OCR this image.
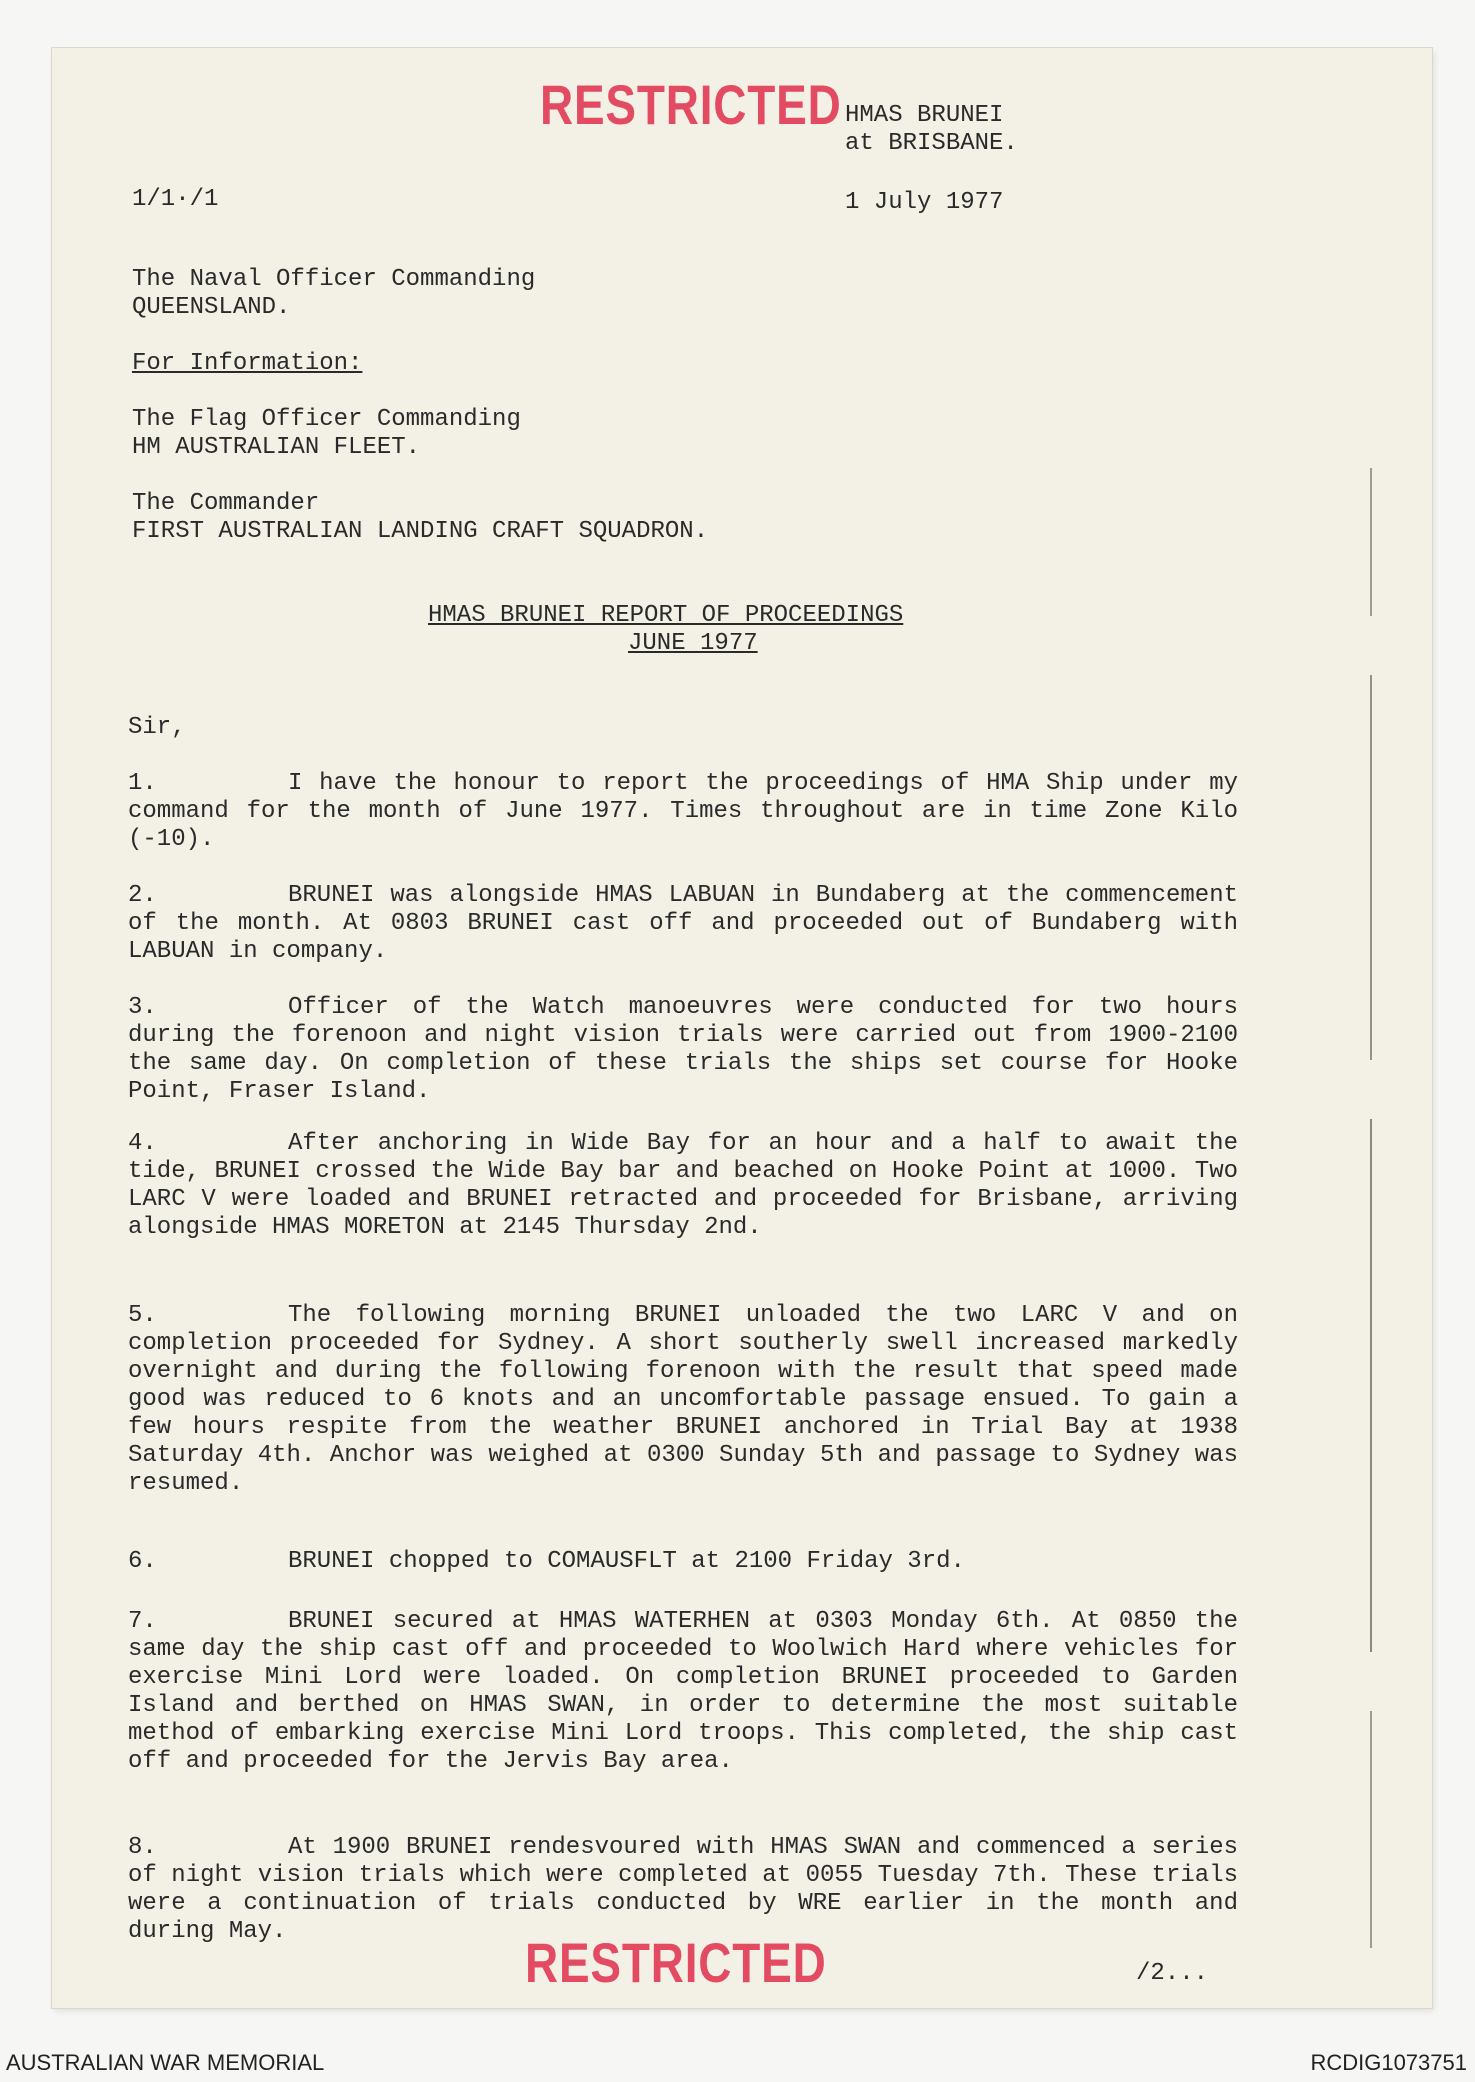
RESTRICTED HMAS BRUNEI
at BRISBANE.
1/1·/1	1 July 1977
The Naval Officer Commanding
QUEENSLAND.
For Information:
The Flag Officer Commanding
HM AUSTRALIAN FLEET.
The Commander
FIRST AUSTRALIAN LANDING CRAFT SQUADRON.
HMAS BRUNEI REPORT OF PROCEEDINGS
JUNE 1977
Sir,

1.	I have the honour to report the proceedings of HMA Ship under my command for the month of June 1977. Times throughout are in time Zone Kilo (-10).

2.	BRUNEI was alongside HMAS LABUAN in Bundaberg at the commencement of the month. At 0803 BRUNEI cast off and proceeded out of Bundaberg with LABUAN in company.

3.	Officer of the Watch manoeuvres were conducted for two hours during the forenoon and night vision trials were carried out from 1900-2100 the same day. On completion of these trials the ships set course for Hooke Point, Fraser Island.

4.	After anchoring in Wide Bay for an hour and a half to await the tide, BRUNEI crossed the Wide Bay bar and beached on Hooke Point at 1000. Two LARC V were loaded and BRUNEI retracted and proceeded for Brisbane, arriving alongside HMAS MORETON at 2145 Thursday 2nd.

5.	The following morning BRUNEI unloaded the two LARC V and on completion proceeded for Sydney. A short southerly swell increased markedly overnight and during the following forenoon with the result that speed made good was reduced to 6 knots and an uncomfortable passage ensued. To gain a few hours respite from the weather BRUNEI anchored in Trial Bay at 1938 Saturday 4th. Anchor was weighed at 0300 Sunday 5th and passage to Sydney was resumed.

6.	BRUNEI chopped to COMAUSFLT at 2100 Friday 3rd.

7.	BRUNEI secured at HMAS WATERHEN at 0303 Monday 6th. At 0850 the same day the ship cast off and proceeded to Woolwich Hard where vehicles for exercise Mini Lord were loaded. On completion BRUNEI proceeded to Garden Island and berthed on HMAS SWAN, in order to determine the most suitable method of embarking exercise Mini Lord troops. This completed, the ship cast off and proceeded for the Jervis Bay area.

8.	At 1900 BRUNEI rendesvoured with HMAS SWAN and commenced a series of night vision trials which were completed at 0055 Tuesday 7th. These trials were a continuation of trials conducted by WRE earlier in the month and during May.	RESTRICTED	/2...
AUSTRALIAN WAR MEMORIAL	RCDIG1073751
